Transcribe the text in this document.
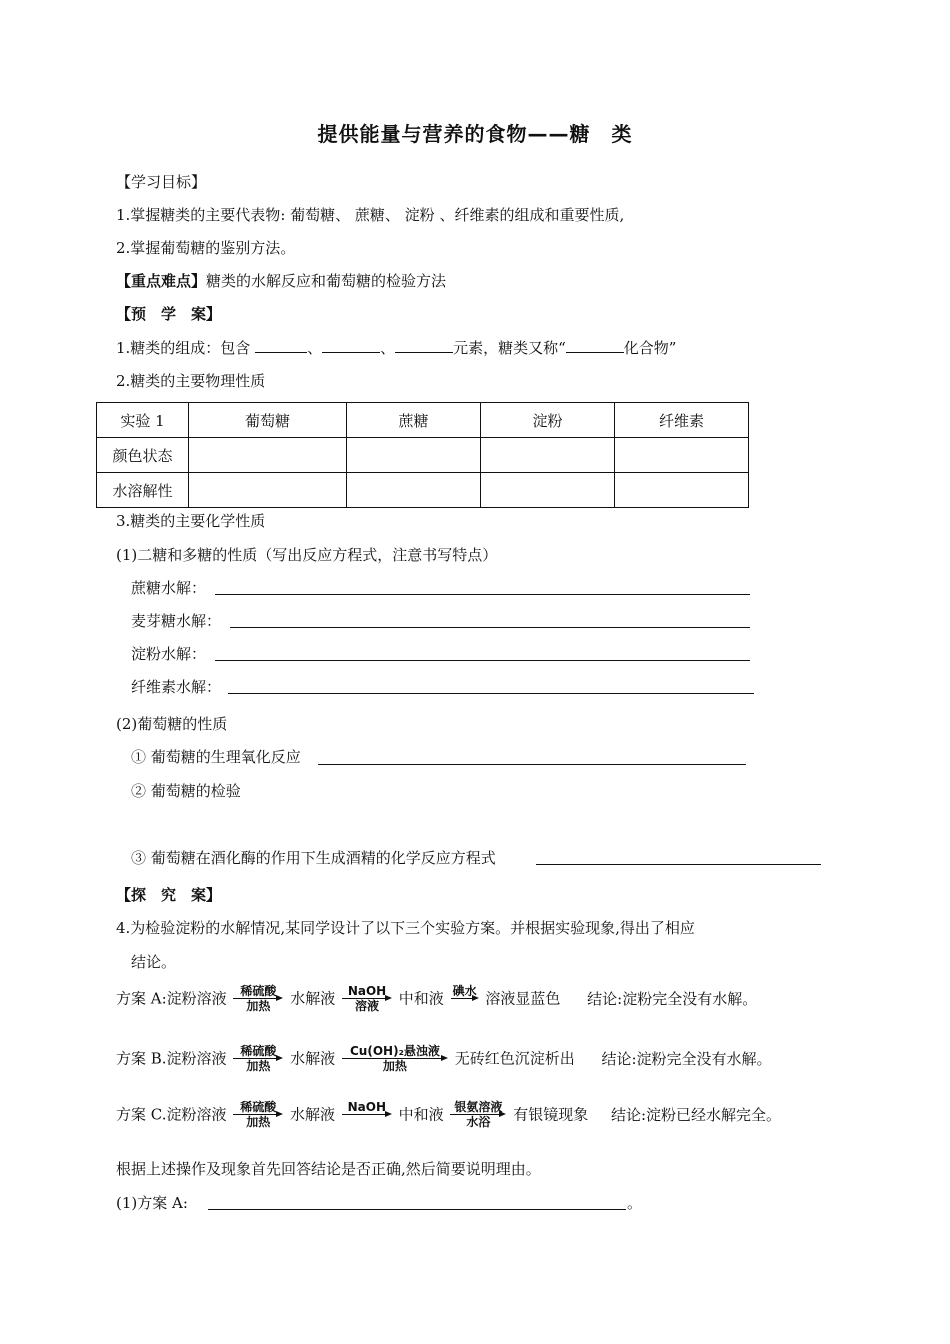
提供能量与营养的食物——糖　类
【学习目标】
1.掌握糖类的主要代表物: 葡萄糖、 蔗糖、 淀粉 、纤维素的组成和重要性质,
2.掌握葡萄糖的鉴别方法。
【重点难点】糖类的水解反应和葡萄糖的检验方法
【预　学　案】
1.糖类的组成：包含	、	、	元素，糖类又称“	化合物”
2.糖类的主要物理性质
实验 1	葡萄糖	蔗糖	淀粉	纤维素
颜色状态				
水溶解性				
3.糖类的主要化学性质
(1)二糖和多糖的性质（写出反应方程式，注意书写特点）
蔗糖水解：
麦芽糖水解：
淀粉水解：
纤维素水解：
(2)葡萄糖的性质
① 葡萄糖的生理氧化反应
② 葡萄糖的检验
③ 葡萄糖在酒化酶的作用下生成酒精的化学反应方程式
【探　究　案】
4.为检验淀粉的水解情况,某同学设计了以下三个实验方案。并根据实验现象,得出了相应
结论。
方案 A:淀粉溶液	稀硫酸
加热	水解液	NaOH
溶液	中和液 碘水 溶液显蓝色 结论:淀粉完全没有水解。
方案 B.淀粉溶液	稀硫酸
加热	水解液	Cu(OH)₂悬浊液
加热	无砖红色沉淀析出 结论:淀粉完全没有水解。
方案 C.淀粉溶液	稀硫酸
加热	水解液	NaOH 中和液 银氨溶液
水浴	有银镜现象 结论:淀粉已经水解完全。
根据上述操作及现象首先回答结论是否正确,然后简要说明理由。
(1)方案 A:	。
